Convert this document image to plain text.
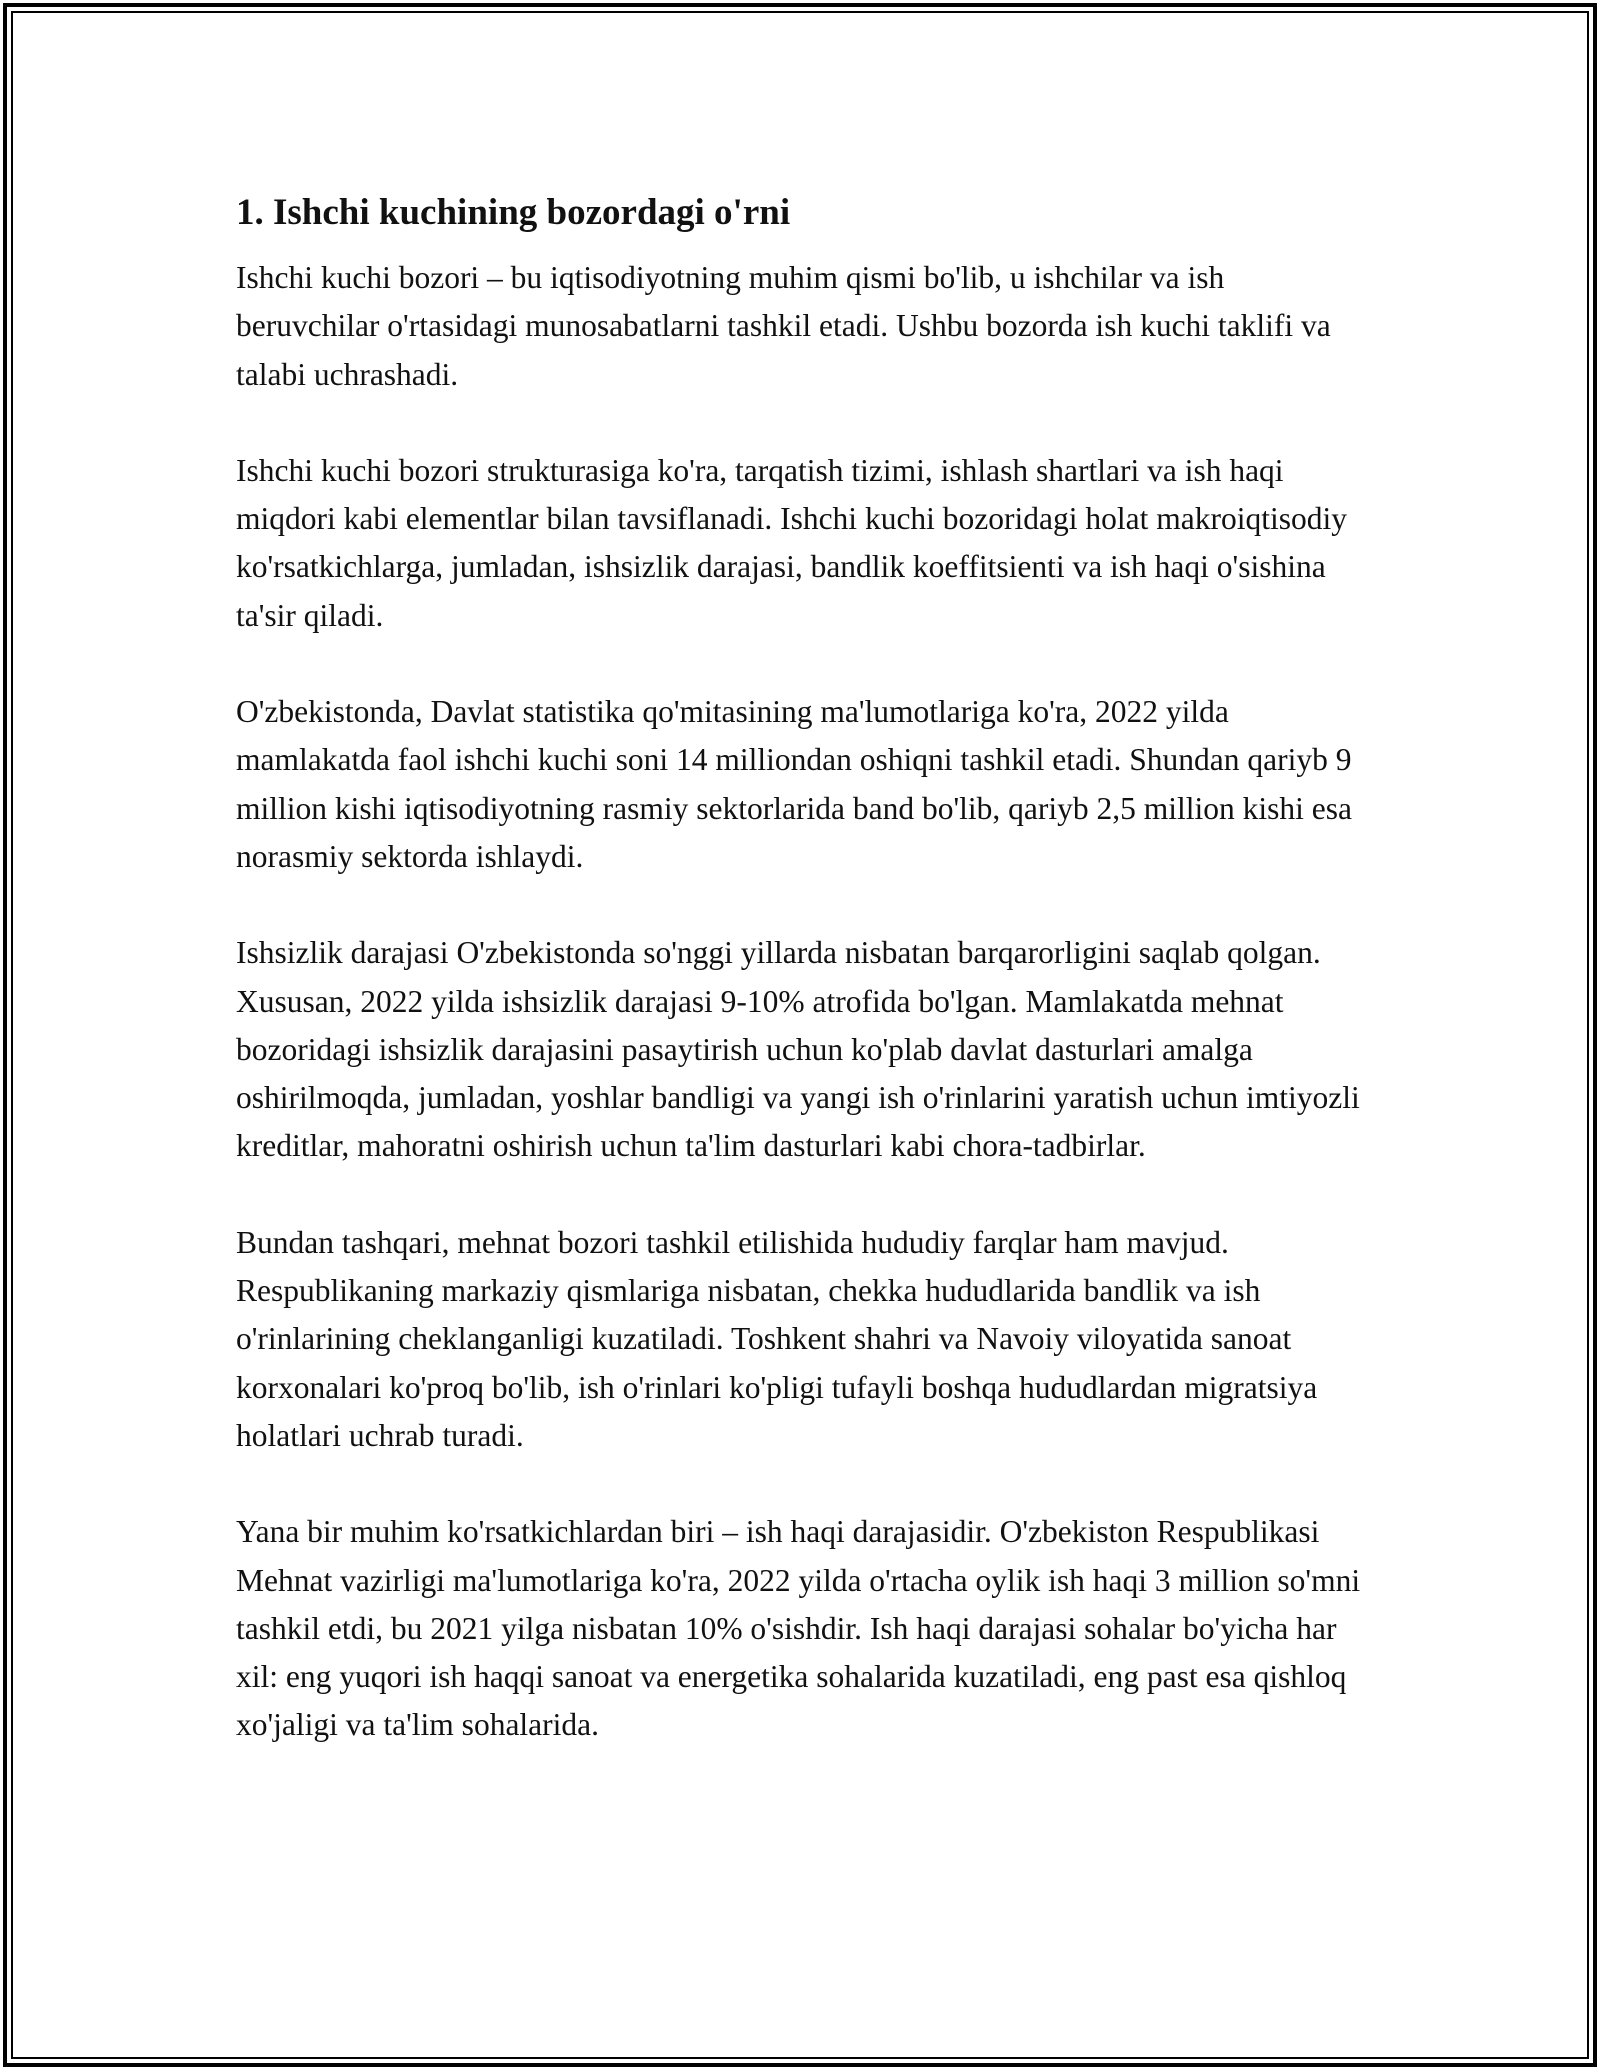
1. Ishchi kuchining bozordagi o'rni

Ishchi kuchi bozori – bu iqtisodiyotning muhim qismi bo'lib, u ishchilar va ish beruvchilar o'rtasidagi munosabatlarni tashkil etadi. Ushbu bozorda ish kuchi taklifi va talabi uchrashadi.

Ishchi kuchi bozori strukturasiga ko'ra, tarqatish tizimi, ishlash shartlari va ish haqi miqdori kabi elementlar bilan tavsiflanadi. Ishchi kuchi bozoridagi holat makroiqtisodiy ko'rsatkichlarga, jumladan, ishsizlik darajasi, bandlik koeffitsienti va ish haqi o'sishina ta'sir qiladi.

O'zbekistonda, Davlat statistika qo'mitasining ma'lumotlariga ko'ra, 2022 yilda mamlakatda faol ishchi kuchi soni 14 milliondan oshiqni tashkil etadi. Shundan qariyb 9 million kishi iqtisodiyotning rasmiy sektorlarida band bo'lib, qariyb 2,5 million kishi esa norasmiy sektorda ishlaydi.

Ishsizlik darajasi O'zbekistonda so'nggi yillarda nisbatan barqarorligini saqlab qolgan. Xususan, 2022 yilda ishsizlik darajasi 9-10% atrofida bo'lgan. Mamlakatda mehnat bozoridagi ishsizlik darajasini pasaytirish uchun ko'plab davlat dasturlari amalga oshirilmoqda, jumladan, yoshlar bandligi va yangi ish o'rinlarini yaratish uchun imtiyozli kreditlar, mahoratni oshirish uchun ta'lim dasturlari kabi chora-tadbirlar.

Bundan tashqari, mehnat bozori tashkil etilishida hududiy farqlar ham mavjud. Respublikaning markaziy qismlariga nisbatan, chekka hududlarida bandlik va ish o'rinlarining cheklanganligi kuzatiladi. Toshkent shahri va Navoiy viloyatida sanoat korxonalari ko'proq bo'lib, ish o'rinlari ko'pligi tufayli boshqa hududlardan migratsiya holatlari uchrab turadi.

Yana bir muhim ko'rsatkichlardan biri – ish haqi darajasidir. O'zbekiston Respublikasi Mehnat vazirligi ma'lumotlariga ko'ra, 2022 yilda o'rtacha oylik ish haqi 3 million so'mni tashkil etdi, bu 2021 yilga nisbatan 10% o'sishdir. Ish haqi darajasi sohalar bo'yicha har xil: eng yuqori ish haqqi sanoat va energetika sohalarida kuzatiladi, eng past esa qishloq xo'jaligi va ta'lim sohalarida.
